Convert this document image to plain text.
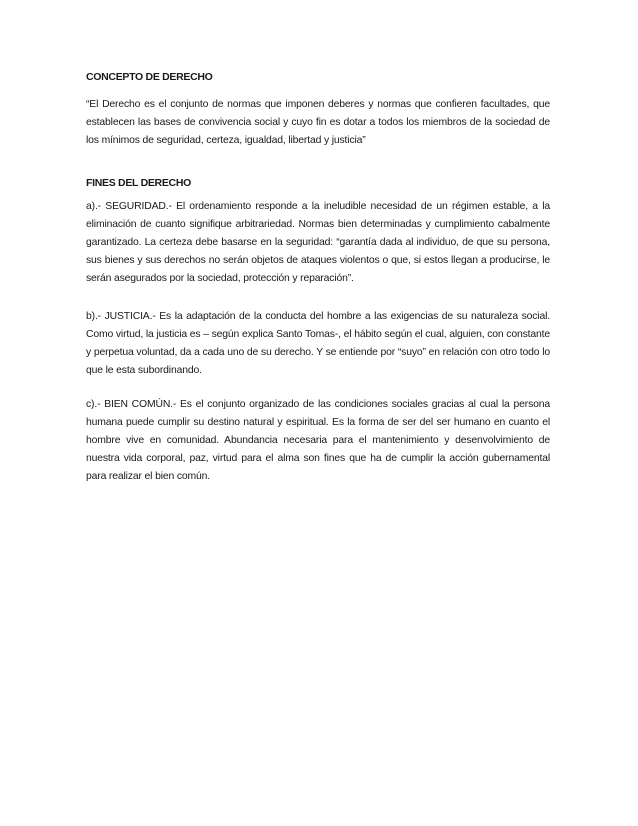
CONCEPTO DE DERECHO

“El Derecho es el conjunto de normas que imponen deberes y normas que confieren facultades, que establecen las bases de convivencia social y cuyo fin es dotar a todos los miembros de la sociedad de los mínimos de seguridad, certeza, igualdad, libertad y justicia”

FINES DEL DERECHO

a).- SEGURIDAD.- El ordenamiento responde a la ineludible necesidad de un régimen estable, a la eliminación de cuanto signifique arbitrariedad. Normas bien determinadas y cumplimiento cabalmente garantizado. La certeza debe basarse en la seguridad: “garantía dada al individuo, de que su persona, sus bienes y sus derechos no serán objetos de ataques violentos o que, si estos llegan a producirse, le serán asegurados por la sociedad, protección y reparación”.

b).- JUSTICIA.- Es la adaptación de la conducta del hombre a las exigencias de su naturaleza social. Como virtud, la justicia es – según explica Santo Tomas-, el hábito según el cual, alguien, con constante y perpetua voluntad, da a cada uno de su derecho. Y se entiende por “suyo” en relación con otro todo lo que le esta subordinando.

c).- BIEN COMÚN.- Es el conjunto organizado de las condiciones sociales gracias al cual la persona humana puede cumplir su destino natural y espiritual. Es la forma de ser del ser humano en cuanto el hombre vive en comunidad. Abundancia necesaria para el mantenimiento y desenvolvimiento de nuestra vida corporal, paz, virtud para el alma son fines que ha de cumplir la acción gubernamental para realizar el bien común.
